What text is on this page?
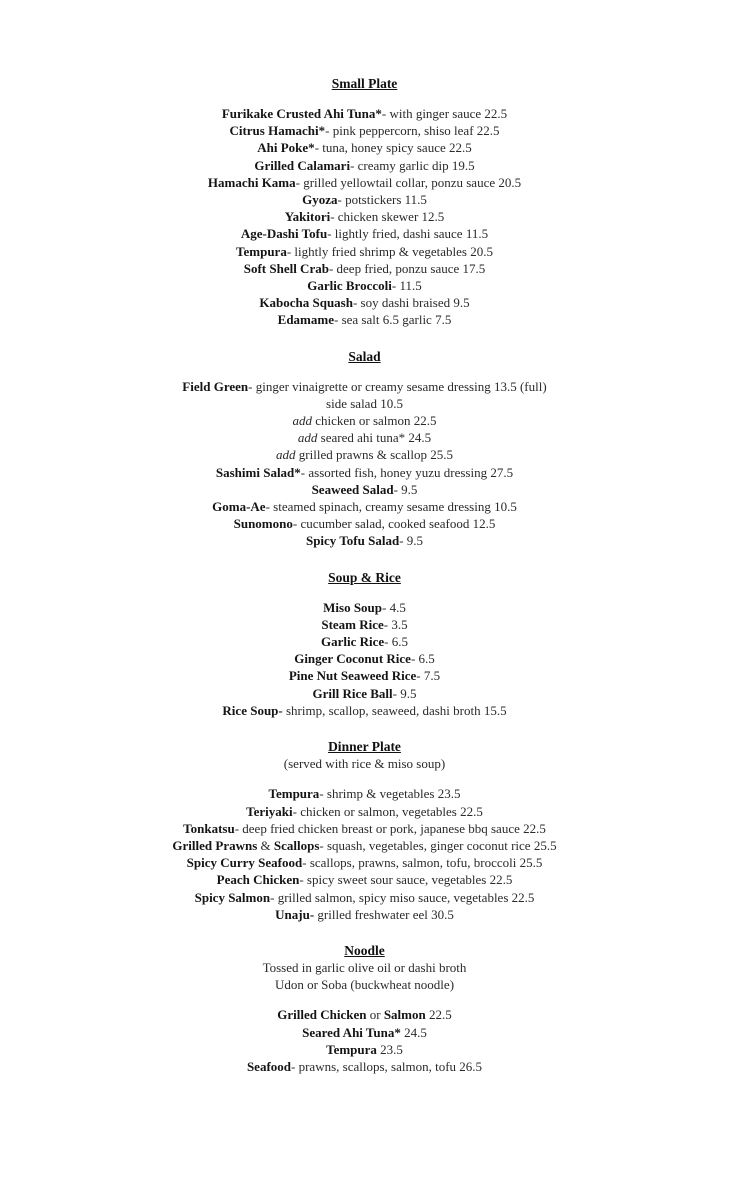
Small Plate
Furikake Crusted Ahi Tuna*- with ginger sauce 22.5
Citrus Hamachi*- pink peppercorn, shiso leaf 22.5
Ahi Poke*- tuna, honey spicy sauce 22.5
Grilled Calamari- creamy garlic dip 19.5
Hamachi Kama- grilled yellowtail collar, ponzu sauce 20.5
Gyoza- potstickers 11.5
Yakitori- chicken skewer 12.5
Age-Dashi Tofu- lightly fried, dashi sauce 11.5
Tempura- lightly fried shrimp & vegetables 20.5
Soft Shell Crab- deep fried, ponzu sauce 17.5
Garlic Broccoli- 11.5
Kabocha Squash- soy dashi braised 9.5
Edamame- sea salt 6.5 garlic 7.5
Salad
Field Green- ginger vinaigrette or creamy sesame dressing 13.5 (full)
side salad 10.5
add chicken or salmon 22.5
add seared ahi tuna* 24.5
add grilled prawns & scallop 25.5
Sashimi Salad*- assorted fish, honey yuzu dressing 27.5
Seaweed Salad- 9.5
Goma-Ae- steamed spinach, creamy sesame dressing 10.5
Sunomono- cucumber salad, cooked seafood 12.5
Spicy Tofu Salad- 9.5
Soup & Rice
Miso Soup- 4.5
Steam Rice- 3.5
Garlic Rice- 6.5
Ginger Coconut Rice- 6.5
Pine Nut Seaweed Rice- 7.5
Grill Rice Ball- 9.5
Rice Soup- shrimp, scallop, seaweed, dashi broth 15.5
Dinner Plate
(served with rice & miso soup)
Tempura- shrimp & vegetables 23.5
Teriyaki- chicken or salmon, vegetables 22.5
Tonkatsu- deep fried chicken breast or pork, japanese bbq sauce 22.5
Grilled Prawns & Scallops- squash, vegetables, ginger coconut rice 25.5
Spicy Curry Seafood- scallops, prawns, salmon, tofu, broccoli 25.5
Peach Chicken- spicy sweet sour sauce, vegetables 22.5
Spicy Salmon- grilled salmon, spicy miso sauce, vegetables 22.5
Unaju- grilled freshwater eel 30.5
Noodle
Tossed in garlic olive oil or dashi broth
Udon or Soba (buckwheat noodle)
Grilled Chicken or Salmon 22.5
Seared Ahi Tuna* 24.5
Tempura 23.5
Seafood- prawns, scallops, salmon, tofu 26.5
